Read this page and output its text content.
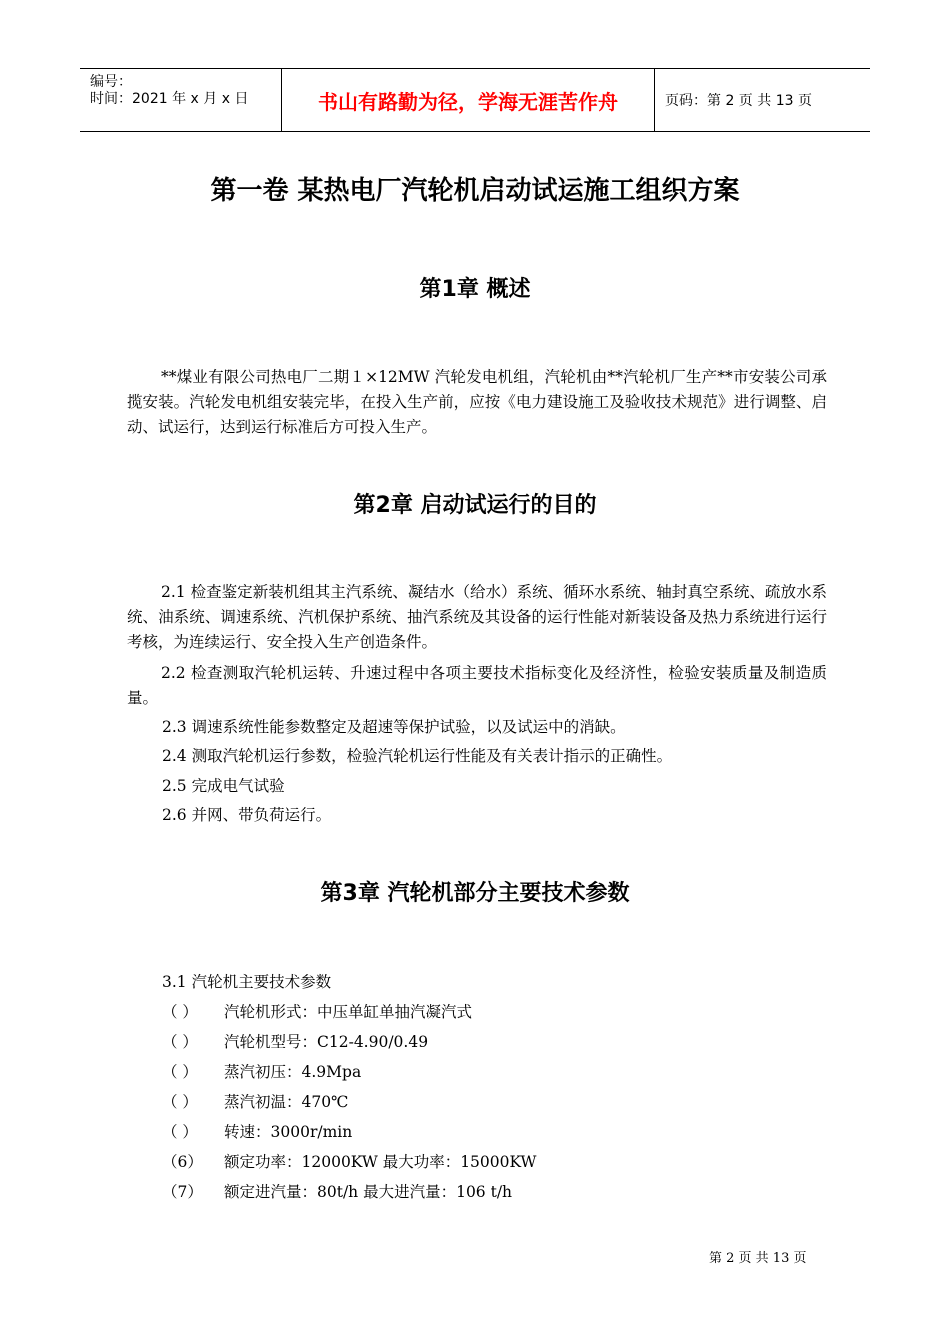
编号：
时间：2021 年 x 月 x 日	书山有路勤为径，学海无涯苦作舟	页码：第 2 页 共 13 页
第一卷 某热电厂汽轮机启动试运施工组织方案
第1章 概述
**煤业有限公司热电厂二期１×12MW 汽轮发电机组，汽轮机由**汽轮机厂生产**市安装公司承揽安装。汽轮发电机组安装完毕，在投入生产前，应按《电力建设施工及验收技术规范》进行调整、启动、试运行，达到运行标准后方可投入生产。
第2章 启动试运行的目的
2.1 检查鉴定新装机组其主汽系统、凝结水（给水）系统、循环水系统、轴封真空系统、疏放水系统、油系统、调速系统、汽机保护系统、抽汽系统及其设备的运行性能对新装设备及热力系统进行运行考核，为连续运行、安全投入生产创造条件。
2.2 检查测取汽轮机运转、升速过程中各项主要技术指标变化及经济性，检验安装质量及制造质量。
2.3 调速系统性能参数整定及超速等保护试验，以及试运中的消缺。
2.4 测取汽轮机运行参数，检验汽轮机运行性能及有关表计指示的正确性。
2.5 完成电气试验
2.6 并网、带负荷运行。
第3章 汽轮机部分主要技术参数
3.1 汽轮机主要技术参数
（ ） 汽轮机形式：中压单缸单抽汽凝汽式
（ ） 汽轮机型号：C12-4.90/0.49
（ ） 蒸汽初压：4.9Mpa
（ ） 蒸汽初温：470℃
（ ） 转速：3000r/min
（6） 额定功率：12000KW 最大功率：15000KW
（7） 额定进汽量：80t/h 最大进汽量：106 t/h
第 2 页 共 13 页
